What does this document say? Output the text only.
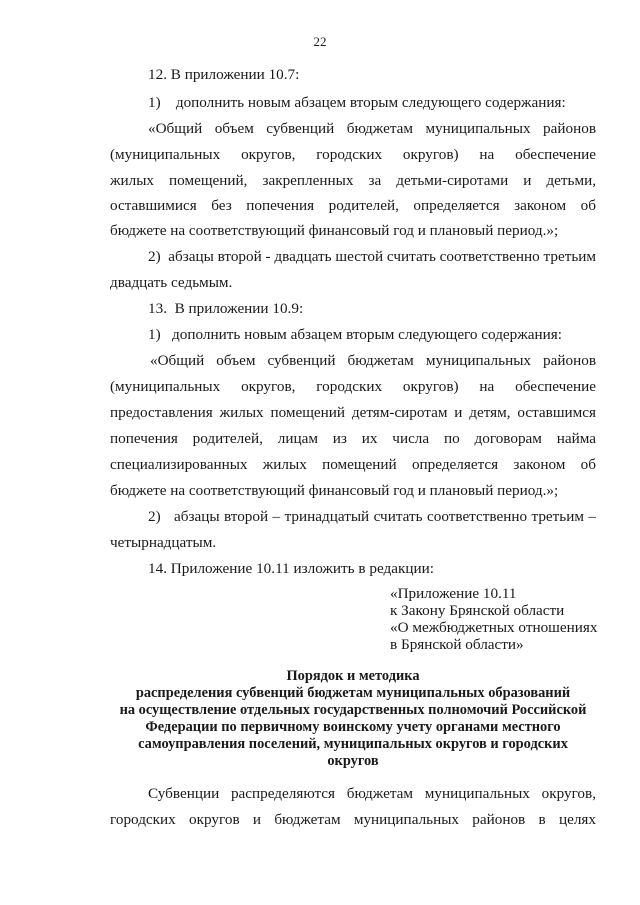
22
12. В приложении 10.7:
1)    дополнить новым абзацем вторым следующего содержания:
«Общий объем субвенций бюджетам муниципальных районов
(муниципальных округов, городских округов) на обеспечение
жилых помещений, закрепленных за детьми-сиротами и детьми,
оставшимися без попечения родителей, определяется законом об
бюджете на соответствующий финансовый год и плановый период.»;
2)  абзацы второй - двадцать шестой считать соответственно третьим
двадцать седьмым.
13.  В приложении 10.9:
1)   дополнить новым абзацем вторым следующего содержания:
«Общий объем субвенций бюджетам муниципальных районов
(муниципальных округов, городских округов) на обеспечение
предоставления жилых помещений детям-сиротам и детям, оставшимся
попечения родителей, лицам из их числа по договорам найма
специализированных жилых помещений определяется законом об
бюджете на соответствующий финансовый год и плановый период.»;
2)   абзацы второй – тринадцатый считать соответственно третьим –
четырнадцатым.
14. Приложение 10.11 изложить в редакции:
«Приложение 10.11
к Закону Брянской области
«О межбюджетных отношениях
в Брянской области»
Порядок и методика
распределения субвенций бюджетам муниципальных образований
на осуществление отдельных государственных полномочий Российской
Федерации по первичному воинскому учету органами местного
самоуправления поселений, муниципальных округов и городских
округов
Субвенции распределяются бюджетам муниципальных округов,
городских округов и бюджетам муниципальных районов в целях
